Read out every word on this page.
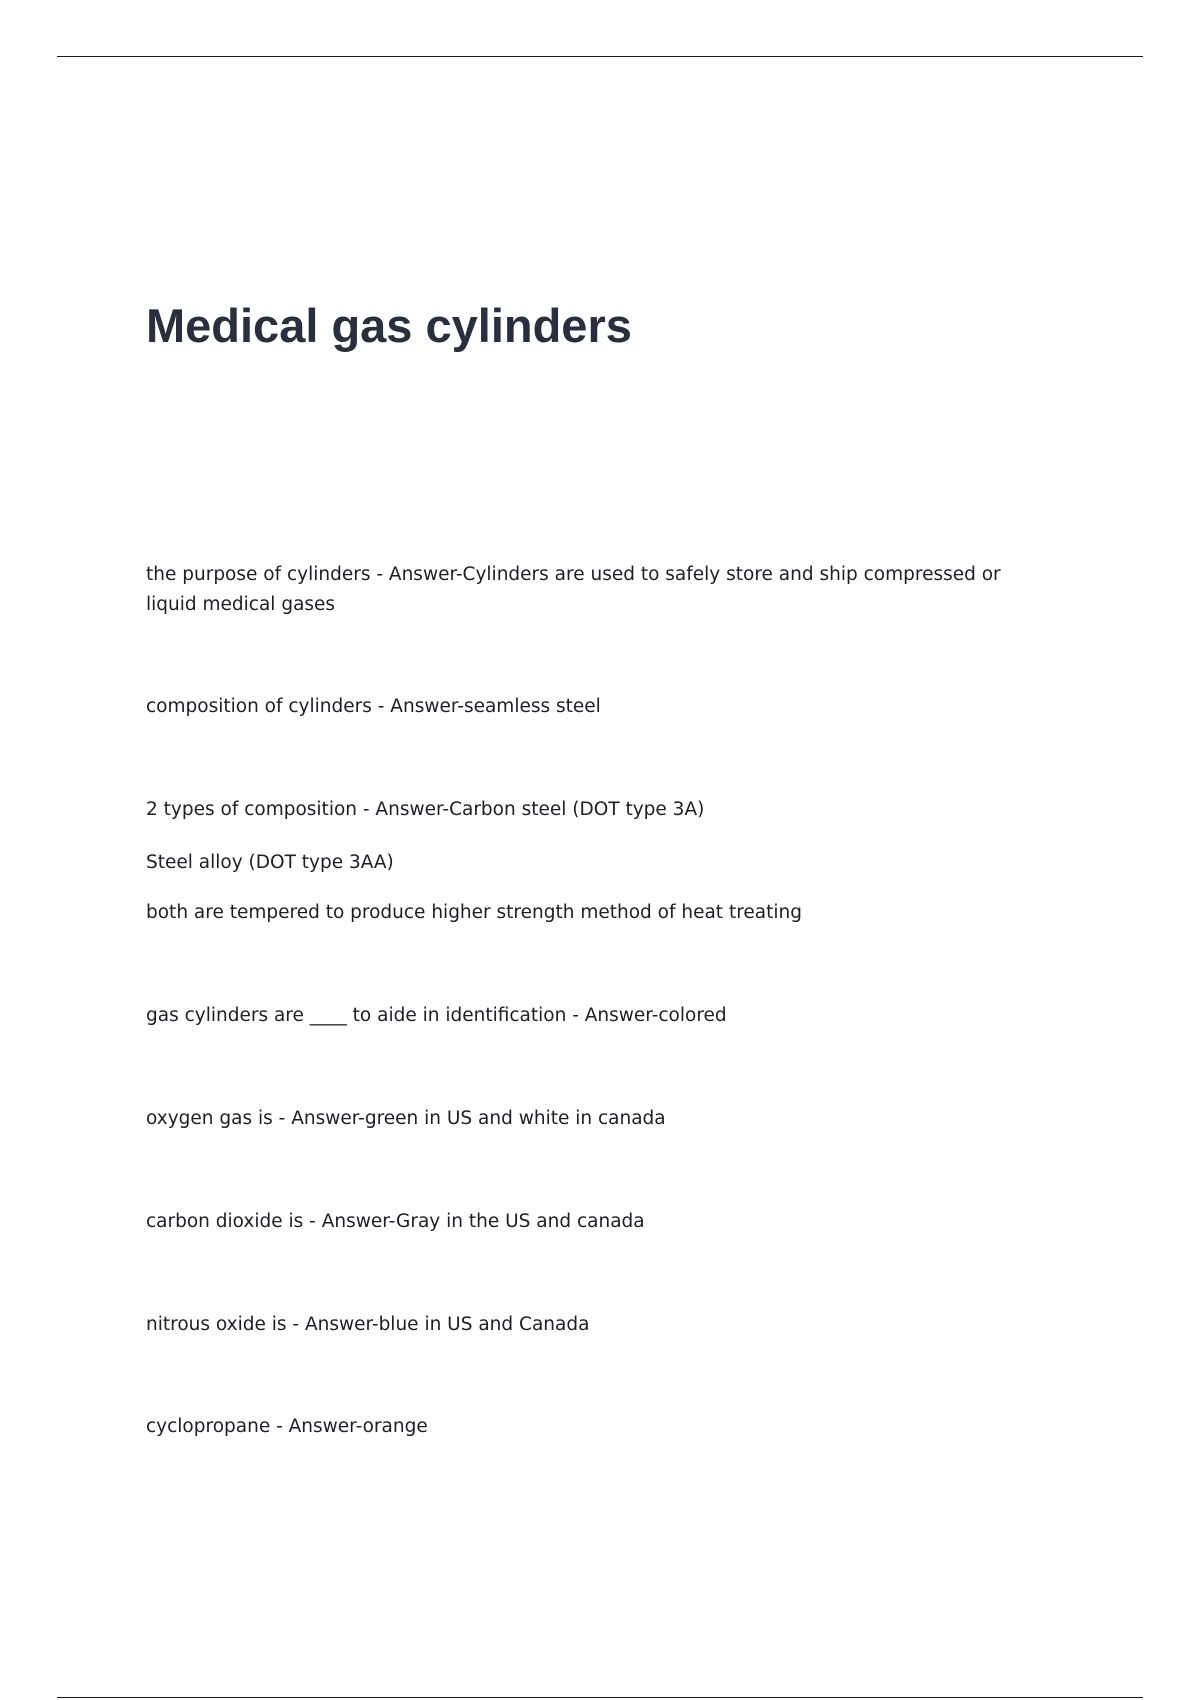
Medical gas cylinders

the purpose of cylinders - Answer-Cylinders are used to safely store and ship compressed or liquid medical gases

composition of cylinders - Answer-seamless steel

2 types of composition - Answer-Carbon steel (DOT type 3A)

Steel alloy (DOT type 3AA)

both are tempered to produce higher strength method of heat treating

gas cylinders are ____ to aide in identification - Answer-colored

oxygen gas is - Answer-green in US and white in canada

carbon dioxide is - Answer-Gray in the US and canada

nitrous oxide is - Answer-blue in US and Canada

cyclopropane - Answer-orange
